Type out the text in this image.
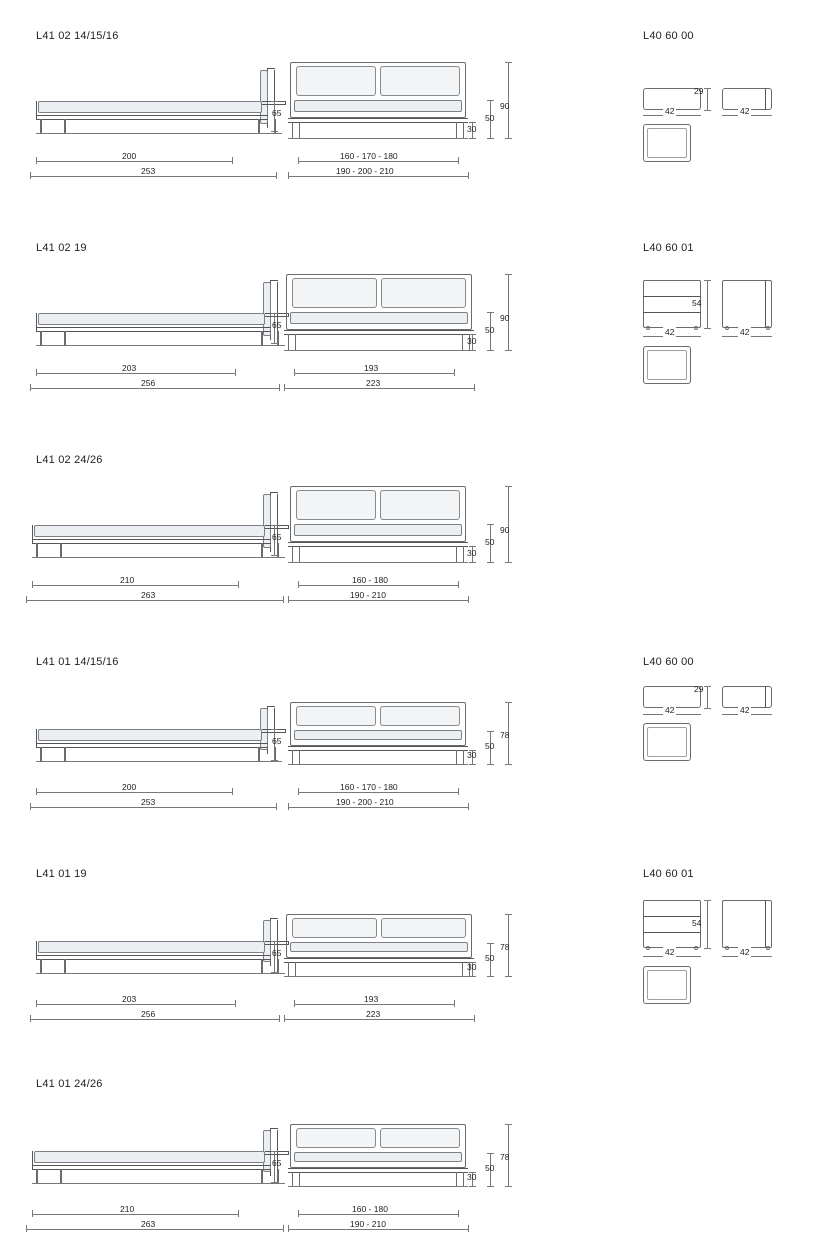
L41 02 14/15/16
65
200
253
30
50
90
160 - 170 - 180
190 - 200 - 210
L40 60 00
29
42	42
L41 02 19
65
203
256
30
50
90
193
223
L40 60 01
54
42	42
L41 02 24/26
65
210
263
30
50
90
160 - 180
190 - 210
L41 01 14/15/16
65
200
253
30
50
78
160 - 170 - 180
190 - 200 - 210
L40 60 00
29
42	42
L41 01 19
65
203
256
30
50
78
193
223
L40 60 01
54
42	42
L41 01 24/26
65
210
263
30
50
78
160 - 180
190 - 210
